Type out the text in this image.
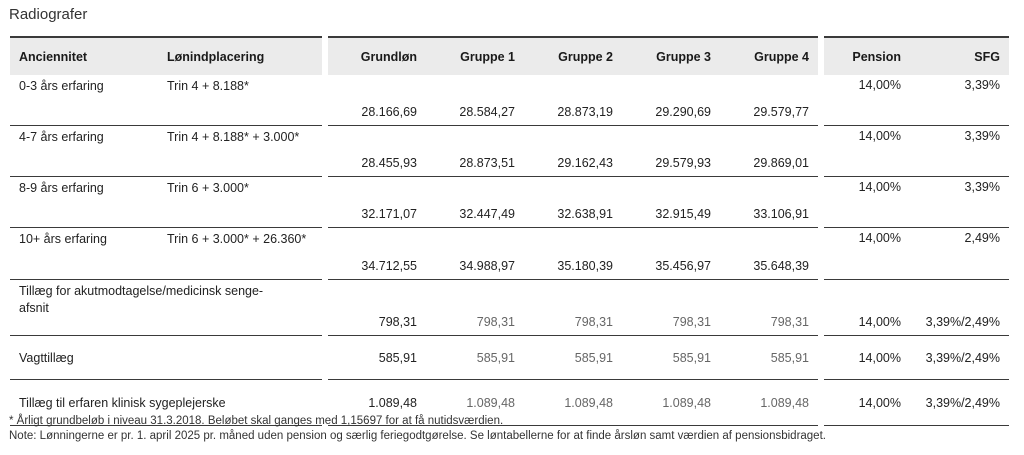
Radiografer
Anciennitet	Lønindplacering		Grundløn	Gruppe 1	Gruppe 2	Gruppe 3	Gruppe 4		Pension	SFG
0-3 års erfaring	Trin 4 + 8.188*		28.166,69	28.584,27	28.873,19	29.290,69	29.579,77		14,00%	3,39%
4-7 års erfaring	Trin 4 + 8.188* + 3.000*		28.455,93	28.873,51	29.162,43	29.579,93	29.869,01		14,00%	3,39%
8-9 års erfaring	Trin 6 + 3.000*		32.171,07	32.447,49	32.638,91	32.915,49	33.106,91		14,00%	3,39%
10+ års erfaring	Trin 6 + 3.000* + 26.360*		34.712,55	34.988,97	35.180,39	35.456,97	35.648,39		14,00%	2,49%
Tillæg for akutmodtagelse/medicinsk senge-afsnit			798,31	798,31	798,31	798,31	798,31		14,00%	3,39%/2,49%
Vagttillæg			585,91	585,91	585,91	585,91	585,91		14,00%	3,39%/2,49%
Tillæg til erfaren klinisk sygeplejerske			1.089,48	1.089,48	1.089,48	1.089,48	1.089,48		14,00%	3,39%/2,49%
* Årligt grundbeløb i niveau 31.3.2018. Beløbet skal ganges med 1,15697 for at få nutidsværdien.
Note: Lønningerne er pr. 1. april 2025 pr. måned uden pension og særlig feriegodtgørelse. Se løntabellerne for at finde årsløn samt værdien af pensionsbidraget.
